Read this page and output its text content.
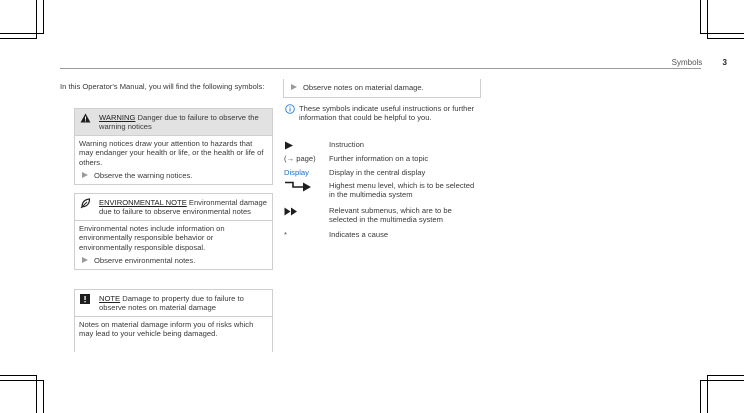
Symbols	3

In this Operator's Manual, you will find the following symbols:

WARNING Danger due to failure to observe the warning notices

Warning notices draw your attention to hazards that may endanger your health or life, or the health or life of others.

Observe the warning notices.
ENVIRONMENTAL NOTE Environmental damage due to failure to observe environmental notes

Environmental notes include information on environmentally responsible behavior or environmentally responsible disposal.

Observe environmental notes.
NOTE Damage to property due to failure to observe notes on material damage

Notes on material damage inform you of risks which may lead to your vehicle being damaged.

Observe notes on material damage.

These symbols indicate useful instructions or further information that could be helpful to you.

Instruction
(→ page) Further information on a topic
Display	Display in the central display
Highest menu level, which is to be selected in the multimedia system
Relevant submenus, which are to be selected in the multimedia system
*	Indicates a cause
